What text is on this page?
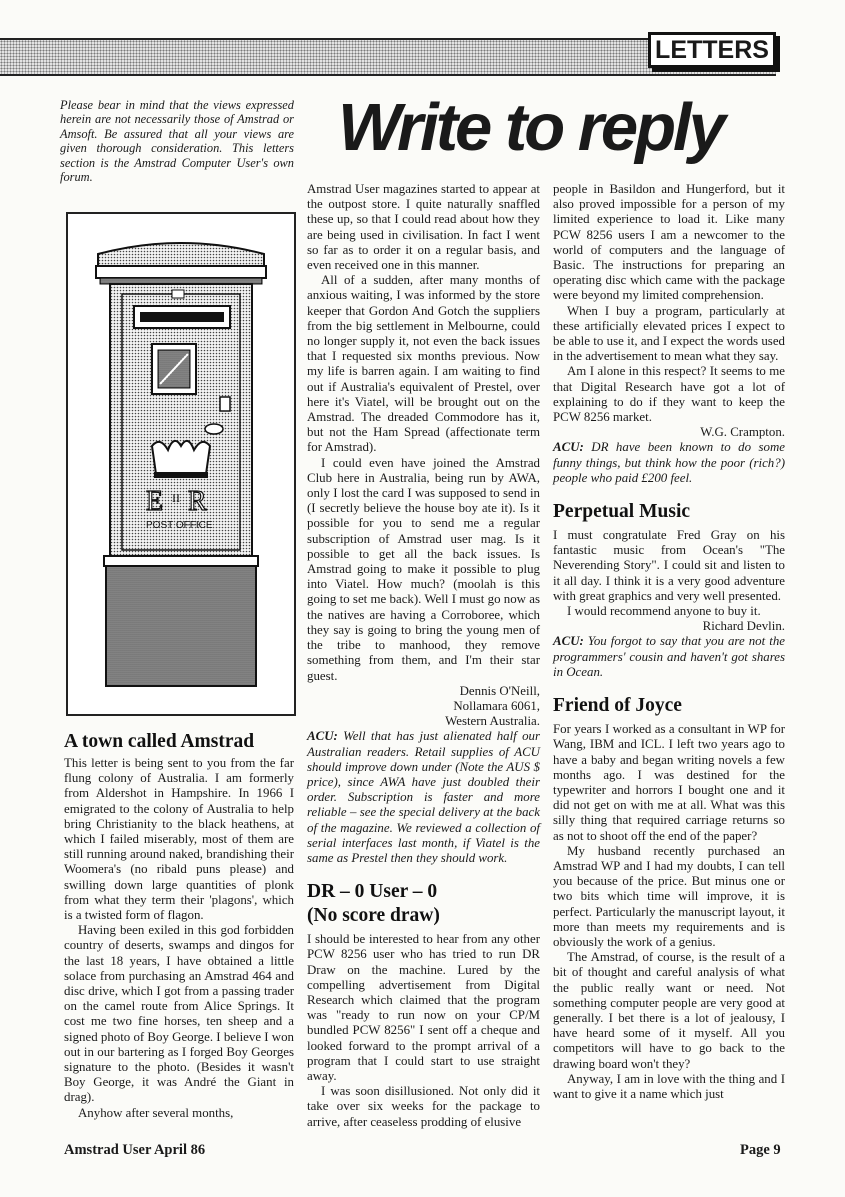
LETTERS
Please bear in mind that the views expressed herein are not necessarily those of Amstrad or Amsoft. Be assured that all your views are given thorough consideration. This letters section is the Amstrad Computer User's own forum.
Write to reply
E II R
POST OFFICE
A town called Amstrad

This letter is being sent to you from the far flung colony of Australia. I am formerly from Aldershot in Hampshire. In 1966 I emigrated to the colony of Australia to help bring Christianity to the black heathens, at which I failed miserably, most of them are still running around naked, brandishing their Woomera's (no ribald puns please) and swilling down large quantities of plonk from what they term their 'plagons', which is a twisted form of flagon.

Having been exiled in this god forbidden country of deserts, swamps and dingos for the last 18 years, I have obtained a little solace from purchasing an Amstrad 464 and disc drive, which I got from a passing trader on the camel route from Alice Springs. It cost me two fine horses, ten sheep and a signed photo of Boy George. I believe I won out in our bartering as I forged Boy Georges signature to the photo. (Besides it wasn't Boy George, it was André the Giant in drag).

Anyhow after several months,

Amstrad User magazines started to appear at the outpost store. I quite naturally snaffled these up, so that I could read about how they are being used in civilisation. In fact I went so far as to order it on a regular basis, and even received one in this manner.

All of a sudden, after many months of anxious waiting, I was informed by the store keeper that Gordon And Gotch the suppliers from the big settlement in Melbourne, could no longer supply it, not even the back issues that I requested six months previous. Now my life is barren again. I am waiting to find out if Australia's equivalent of Prestel, over here it's Viatel, will be brought out on the Amstrad. The dreaded Commodore has it, but not the Ham Spread (affectionate term for Amstrad).

I could even have joined the Amstrad Club here in Australia, being run by AWA, only I lost the card I was supposed to send in (I secretly believe the house boy ate it). Is it possible for you to send me a regular subscription of Amstrad user mag. Is it possible to get all the back issues. Is Amstrad going to make it possible to plug into Viatel. How much? (moolah is this going to set me back). Well I must go now as the natives are having a Corroboree, which they say is going to bring the young men of the tribe to manhood, they remove something from them, and I'm their star guest.

Dennis O'Neill,

Nollamara 6061,

Western Australia.

ACU: Well that has just alienated half our Australian readers. Retail supplies of ACU should improve down under (Note the AUS $ price), since AWA have just doubled their order. Subscription is faster and more reliable – see the special delivery at the back of the magazine. We reviewed a collection of serial interfaces last month, if Viatel is the same as Prestel then they should work.

DR – 0 User – 0
(No score draw)

I should be interested to hear from any other PCW 8256 user who has tried to run DR Draw on the machine. Lured by the compelling advertisement from Digital Research which claimed that the program was "ready to run now on your CP/M bundled PCW 8256" I sent off a cheque and looked forward to the prompt arrival of a program that I could start to use straight away.

I was soon disillusioned. Not only did it take over six weeks for the package to arrive, after ceaseless prodding of elusive

people in Basildon and Hungerford, but it also proved impossible for a person of my limited experience to load it. Like many PCW 8256 users I am a newcomer to the world of computers and the language of Basic. The instructions for preparing an operating disc which came with the package were beyond my limited comprehension.

When I buy a program, particularly at these artificially elevated prices I expect to be able to use it, and I expect the words used in the advertisement to mean what they say.

Am I alone in this respect? It seems to me that Digital Research have got a lot of explaining to do if they want to keep the PCW 8256 market.

W.G. Crampton.

ACU: DR have been known to do some funny things, but think how the poor (rich?) people who paid £200 feel.

Perpetual Music

I must congratulate Fred Gray on his fantastic music from Ocean's "The Neverending Story". I could sit and listen to it all day. I think it is a very good adventure with great graphics and very well presented.

I would recommend anyone to buy it.

Richard Devlin.

ACU: You forgot to say that you are not the programmers' cousin and haven't got shares in Ocean.

Friend of Joyce

For years I worked as a consultant in WP for Wang, IBM and ICL. I left two years ago to have a baby and began writing novels a few months ago. I was destined for the typewriter and horrors I bought one and it did not get on with me at all. What was this silly thing that required carriage returns so as not to shoot off the end of the paper?

My husband recently purchased an Amstrad WP and I had my doubts, I can tell you because of the price. But minus one or two bits which time will improve, it is perfect. Particularly the manuscript layout, it more than meets my requirements and is obviously the work of a genius.

The Amstrad, of course, is the result of a bit of thought and careful analysis of what the public really want or need. Not something computer people are very good at generally. I bet there is a lot of jealousy, I have heard some of it myself. All you competitors will have to go back to the drawing board won't they?

Anyway, I am in love with the thing and I want to give it a name which just

Amstrad User April 86	Page 9
